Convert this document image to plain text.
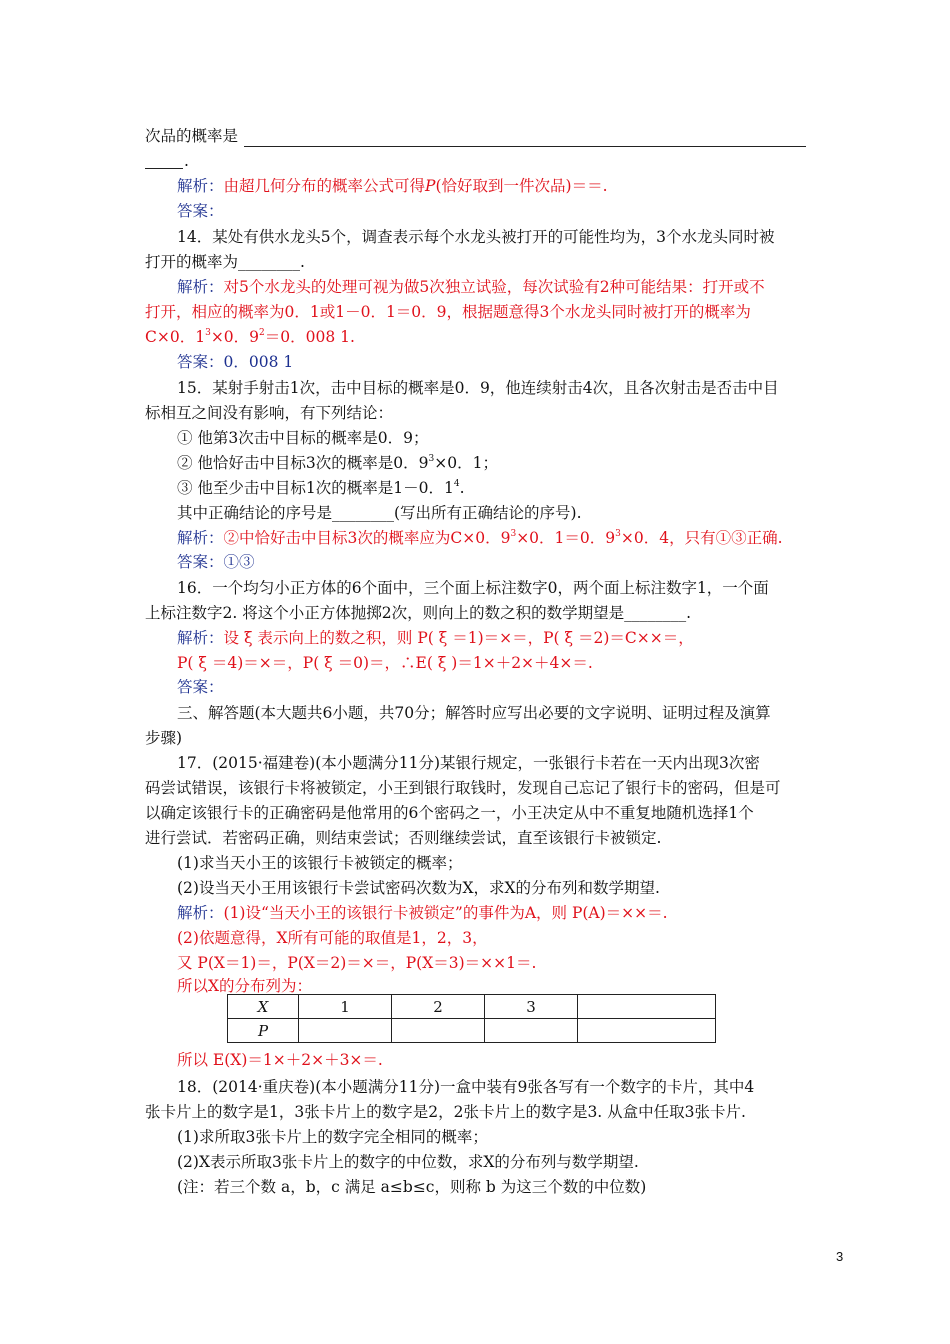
次品的概率是
.
解析：由超几何分布的概率公式可得P(恰好取到一件次品)＝＝.
答案：
14．某处有供水龙头5个，调查表示每个水龙头被打开的可能性均为，3个水龙头同时被
打开的概率为________.
解析：对5个水龙头的处理可视为做5次独立试验，每次试验有2种可能结果：打开或不
打开，相应的概率为0．1或1－0．1＝0．9，根据题意得3个水龙头同时被打开的概率为
C×0．$1^3\times 0$．$9^2=0$．008 1.
答案：0．008 1
15．某射手射击1次，击中目标的概率是0．9，他连续射击4次，且各次射击是否击中目
标相互之间没有影响，有下列结论：
① 他第3次击中目标的概率是0．9；
② 他恰好击中目标3次的概率是0．$9^3\times 0$．1；
③ 他至少击中目标1次的概率是1－0．$1^4$.
其中正确结论的序号是________(写出所有正确结论的序号).
解析：②中恰好击中目标3次的概率应为C×0．$9^3\times 0$．1＝0．$9^3\times 0$．4，只有①③正确.
答案：①③
16．一个均匀小正方体的6个面中，三个面上标注数字0，两个面上标注数字1，一个面
上标注数字2. 将这个小正方体抛掷2次，则向上的数之积的数学期望是________.
解析：设 ξ 表示向上的数之积，则 P( ξ ＝1)＝×＝，P( ξ ＝2)＝C××＝，
P( ξ ＝4)＝×＝，P( ξ ＝0)＝，∴E( ξ )＝1×＋2×＋4×＝.
答案：
三、解答题(本大题共6小题，共70分；解答时应写出必要的文字说明、证明过程及演算
步骤)
17．(2015·福建卷)(本小题满分11分)某银行规定，一张银行卡若在一天内出现3次密
码尝试错误，该银行卡将被锁定，小王到银行取钱时，发现自己忘记了银行卡的密码，但是可
以确定该银行卡的正确密码是他常用的6个密码之一，小王决定从中不重复地随机选择1个
进行尝试．若密码正确，则结束尝试；否则继续尝试，直至该银行卡被锁定.
(1)求当天小王的该银行卡被锁定的概率；
(2)设当天小王用该银行卡尝试密码次数为X，求X的分布列和数学期望.
解析：(1)设“当天小王的该银行卡被锁定”的事件为A，则 P(A)＝××＝.
(2)依题意得，X所有可能的取值是1，2，3，
又 P(X＝1)＝，P(X＝2)＝×＝，P(X＝3)＝××1＝.
所以X的分布列为：
X	1	2	3	
P				
所以 E(X)＝1×＋2×＋3×＝.
18．(2014·重庆卷)(本小题满分11分)一盒中装有9张各写有一个数字的卡片，其中4
张卡片上的数字是1，3张卡片上的数字是2，2张卡片上的数字是3. 从盒中任取3张卡片.
(1)求所取3张卡片上的数字完全相同的概率；
(2)X表示所取3张卡片上的数字的中位数，求X的分布列与数学期望.
(注：若三个数 a，b，c 满足 a≤b≤c，则称 b 为这三个数的中位数)
3
